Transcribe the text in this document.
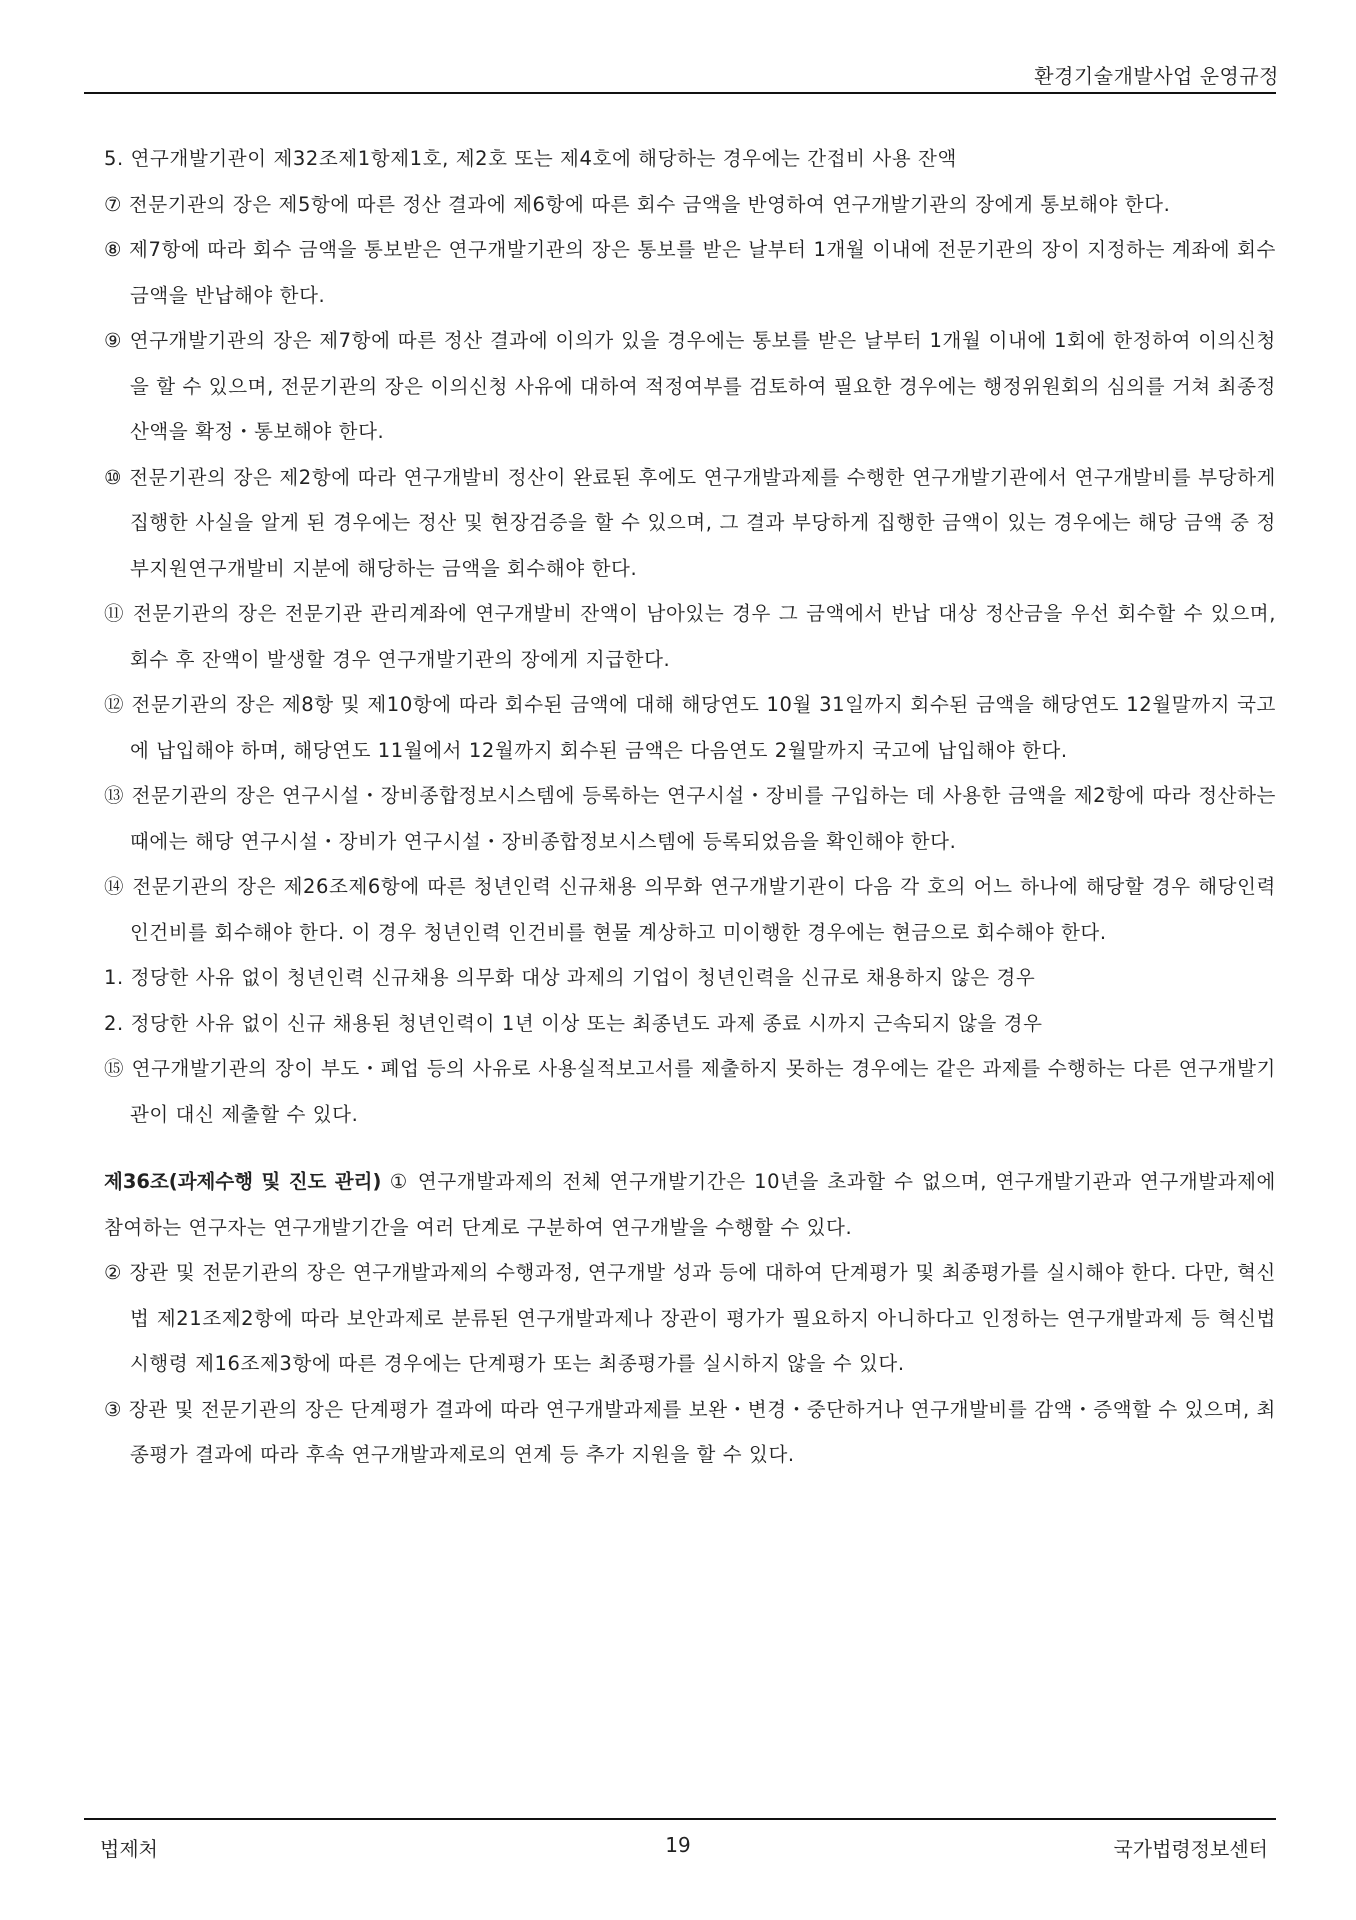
환경기술개발사업 운영규정

5. 연구개발기관이 제32조제1항제1호, 제2호 또는 제4호에 해당하는 경우에는 간접비 사용 잔액

⑦ 전문기관의 장은 제5항에 따른 정산 결과에 제6항에 따른 회수 금액을 반영하여 연구개발기관의 장에게 통보해야 한다.

⑧ 제7항에 따라 회수 금액을 통보받은 연구개발기관의 장은 통보를 받은 날부터 1개월 이내에 전문기관의 장이 지정하는 계좌에 회수 금액을 반납해야 한다.

⑨ 연구개발기관의 장은 제7항에 따른 정산 결과에 이의가 있을 경우에는 통보를 받은 날부터 1개월 이내에 1회에 한정하여 이의신청을 할 수 있으며, 전문기관의 장은 이의신청 사유에 대하여 적정여부를 검토하여 필요한 경우에는 행정위원회의 심의를 거쳐 최종정산액을 확정・통보해야 한다.

⑩ 전문기관의 장은 제2항에 따라 연구개발비 정산이 완료된 후에도 연구개발과제를 수행한 연구개발기관에서 연구개발비를 부당하게 집행한 사실을 알게 된 경우에는 정산 및 현장검증을 할 수 있으며, 그 결과 부당하게 집행한 금액이 있는 경우에는 해당 금액 중 정부지원연구개발비 지분에 해당하는 금액을 회수해야 한다.

⑪ 전문기관의 장은 전문기관 관리계좌에 연구개발비 잔액이 남아있는 경우 그 금액에서 반납 대상 정산금을 우선 회수할 수 있으며, 회수 후 잔액이 발생할 경우 연구개발기관의 장에게 지급한다.

⑫ 전문기관의 장은 제8항 및 제10항에 따라 회수된 금액에 대해 해당연도 10월 31일까지 회수된 금액을 해당연도 12월말까지 국고에 납입해야 하며, 해당연도 11월에서 12월까지 회수된 금액은 다음연도 2월말까지 국고에 납입해야 한다.

⑬ 전문기관의 장은 연구시설・장비종합정보시스템에 등록하는 연구시설・장비를 구입하는 데 사용한 금액을 제2항에 따라 정산하는 때에는 해당 연구시설・장비가 연구시설・장비종합정보시스템에 등록되었음을 확인해야 한다.

⑭ 전문기관의 장은 제26조제6항에 따른 청년인력 신규채용 의무화 연구개발기관이 다음 각 호의 어느 하나에 해당할 경우 해당인력 인건비를 회수해야 한다. 이 경우 청년인력 인건비를 현물 계상하고 미이행한 경우에는 현금으로 회수해야 한다.

1. 정당한 사유 없이 청년인력 신규채용 의무화 대상 과제의 기업이 청년인력을 신규로 채용하지 않은 경우

2. 정당한 사유 없이 신규 채용된 청년인력이 1년 이상 또는 최종년도 과제 종료 시까지 근속되지 않을 경우

⑮ 연구개발기관의 장이 부도・폐업 등의 사유로 사용실적보고서를 제출하지 못하는 경우에는 같은 과제를 수행하는 다른 연구개발기관이 대신 제출할 수 있다.

제36조(과제수행 및 진도 관리) ① 연구개발과제의 전체 연구개발기간은 10년을 초과할 수 없으며, 연구개발기관과 연구개발과제에 참여하는 연구자는 연구개발기간을 여러 단계로 구분하여 연구개발을 수행할 수 있다.

② 장관 및 전문기관의 장은 연구개발과제의 수행과정, 연구개발 성과 등에 대하여 단계평가 및 최종평가를 실시해야 한다. 다만, 혁신법 제21조제2항에 따라 보안과제로 분류된 연구개발과제나 장관이 평가가 필요하지 아니하다고 인정하는 연구개발과제 등 혁신법 시행령 제16조제3항에 따른 경우에는 단계평가 또는 최종평가를 실시하지 않을 수 있다.

③ 장관 및 전문기관의 장은 단계평가 결과에 따라 연구개발과제를 보완・변경・중단하거나 연구개발비를 감액・증액할 수 있으며, 최종평가 결과에 따라 후속 연구개발과제로의 연계 등 추가 지원을 할 수 있다.

법제처	19	국가법령정보센터
